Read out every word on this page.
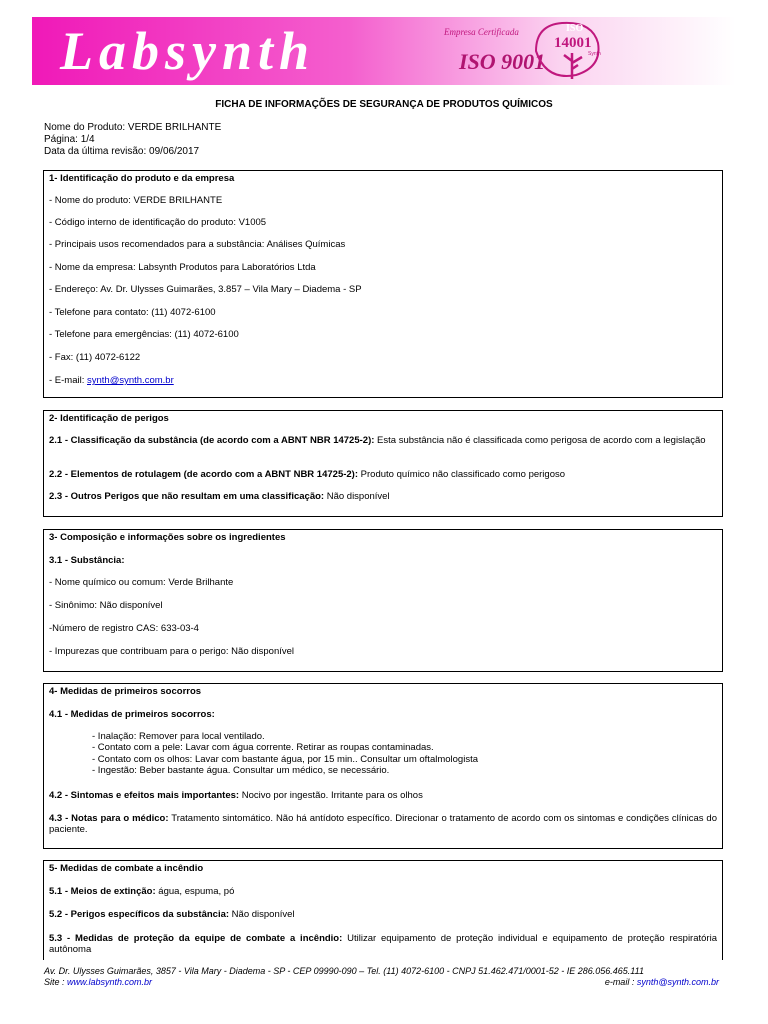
Labsynth	Empresa Certificada
ISO 9001
ISO
14001
Synth
FICHA DE INFORMAÇÕES DE SEGURANÇA DE PRODUTOS QUÍMICOS
Nome do Produto: VERDE BRILHANTE
Página: 1/4
Data da última revisão: 09/06/2017
1- Identificação do produto e da empresa
- Nome do produto: VERDE BRILHANTE
- Código interno de identificação do produto: V1005
- Principais usos recomendados para a substância: Análises Químicas
- Nome da empresa: Labsynth Produtos para Laboratórios Ltda
- Endereço: Av. Dr. Ulysses Guimarães, 3.857 – Vila Mary – Diadema - SP
- Telefone para contato: (11) 4072-6100
- Telefone para emergências: (11) 4072-6100
- Fax: (11) 4072-6122
- E-mail: synth@synth.com.br
2- Identificação de perigos
2.1 - Classificação da substância (de acordo com a ABNT NBR 14725-2): Esta substância não é classificada como perigosa de acordo com a legislação
2.2 - Elementos de rotulagem (de acordo com a ABNT NBR 14725-2): Produto químico não classificado como perigoso
2.3 - Outros Perigos que não resultam em uma classificação: Não disponível
3- Composição e informações sobre os ingredientes
3.1 - Substância:
- Nome químico ou comum: Verde Brilhante
- Sinônimo: Não disponível
-Número de registro CAS: 633-03-4
- Impurezas que contribuam para o perigo: Não disponível
4- Medidas de primeiros socorros
4.1 - Medidas de primeiros socorros:
- Inalação: Remover para local ventilado.
- Contato com a pele: Lavar com água corrente. Retirar as roupas contaminadas.
- Contato com os olhos: Lavar com bastante água, por 15 min.. Consultar um oftalmologista
- Ingestão: Beber bastante água. Consultar um médico, se necessário.
4.2 - Sintomas e efeitos mais importantes: Nocivo por ingestão. Irritante para os olhos
4.3 - Notas para o médico: Tratamento sintomático. Não há antídoto específico. Direcionar o tratamento de acordo com os sintomas e condições clínicas do paciente.
5- Medidas de combate a incêndio
5.1 - Meios de extinção: água, espuma, pó
5.2 - Perigos específicos da substância: Não disponível
5.3 - Medidas de proteção da equipe de combate a incêndio: Utilizar equipamento de proteção individual e equipamento de proteção respiratória autônoma
Av. Dr. Ulysses Guimarães, 3857 - Vila Mary - Diadema - SP - CEP 09990-090 – Tel. (11) 4072-6100 - CNPJ 51.462.471/0001-52 - IE 286.056.465.111
Site : www.labsynth.com.br	e-mail : synth@synth.com.br
